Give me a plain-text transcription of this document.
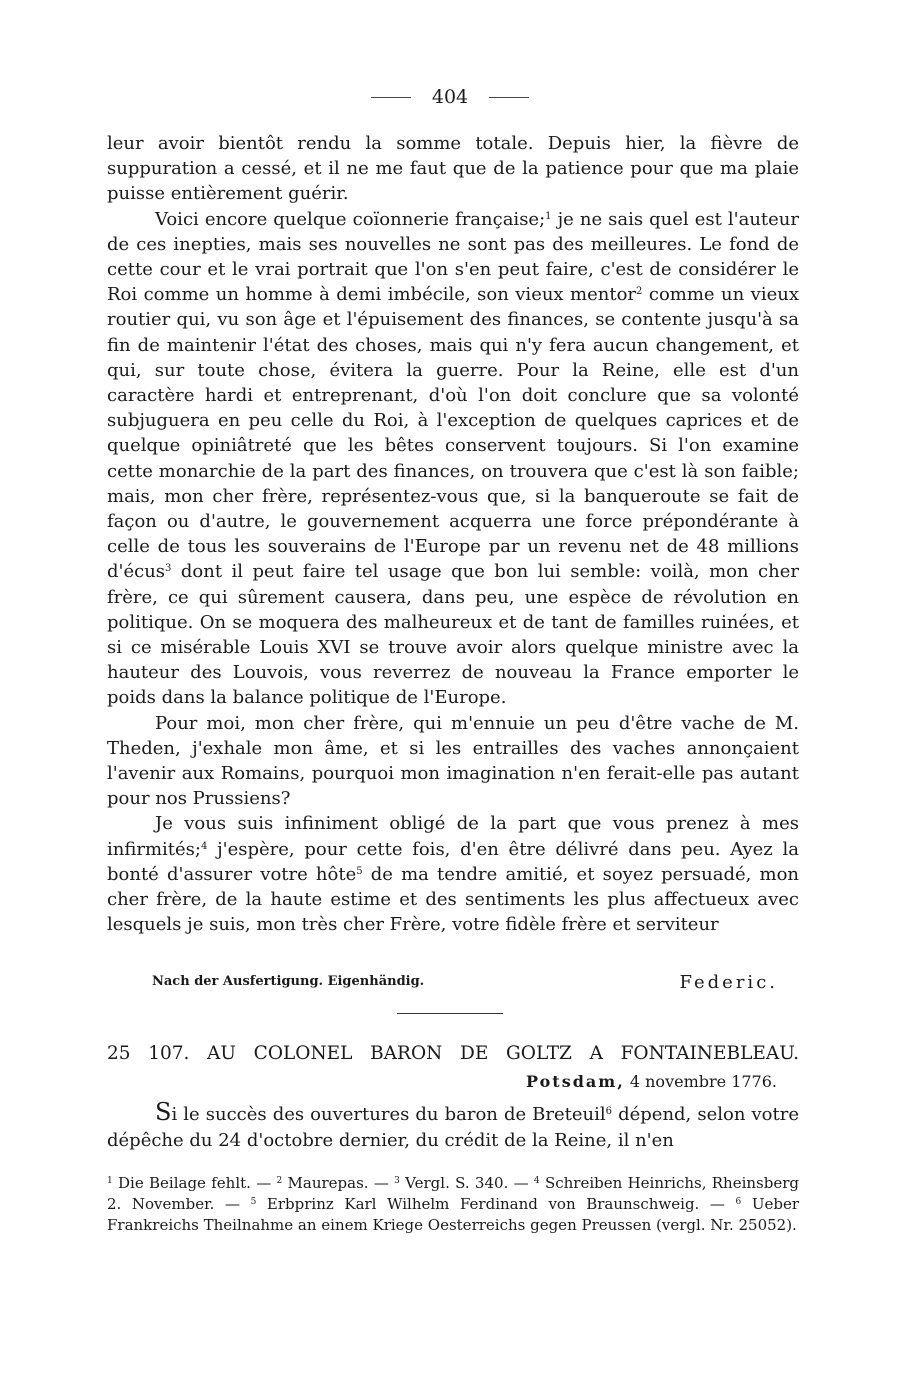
404

leur avoir bientôt rendu la somme totale. Depuis hier, la fièvre de suppuration a cessé, et il ne me faut que de la patience pour que ma plaie puisse entièrement guérir.

Voici encore quelque coïonnerie française;$^1$ je ne sais quel est l'auteur de ces inepties, mais ses nouvelles ne sont pas des meilleures. Le fond de cette cour et le vrai portrait que l'on s'en peut faire, c'est de considérer le Roi comme un homme à demi imbécile, son vieux mentor$^2$ comme un vieux routier qui, vu son âge et l'épuisement des finances, se contente jusqu'à sa fin de maintenir l'état des choses, mais qui n'y fera aucun changement, et qui, sur toute chose, évitera la guerre. Pour la Reine, elle est d'un caractère hardi et entreprenant, d'où l'on doit conclure que sa volonté subjuguera en peu celle du Roi, à l'exception de quelques caprices et de quelque opiniâtreté que les bêtes conservent toujours. Si l'on examine cette monarchie de la part des finances, on trouvera que c'est là son faible; mais, mon cher frère, représentez-vous que, si la banqueroute se fait de façon ou d'autre, le gouvernement acquerra une force prépondérante à celle de tous les souverains de l'Europe par un revenu net de 48 millions d'écus$^3$ dont il peut faire tel usage que bon lui semble: voilà, mon cher frère, ce qui sûrement causera, dans peu, une espèce de révolution en politique. On se moquera des malheureux et de tant de familles ruinées, et si ce misérable Louis XVI se trouve avoir alors quelque ministre avec la hauteur des Louvois, vous reverrez de nouveau la France emporter le poids dans la balance politique de l'Europe.

Pour moi, mon cher frère, qui m'ennuie un peu d'être vache de M. Theden, j'exhale mon âme, et si les entrailles des vaches annonçaient l'avenir aux Romains, pourquoi mon imagination n'en ferait-elle pas autant pour nos Prussiens?

Je vous suis infiniment obligé de la part que vous prenez à mes infirmités;$^4$ j'espère, pour cette fois, d'en être délivré dans peu. Ayez la bonté d'assurer votre hôte$^5$ de ma tendre amitié, et soyez persuadé, mon cher frère, de la haute estime et des sentiments les plus affectueux avec lesquels je suis, mon très cher Frère, votre fidèle frère et serviteur

Nach der Ausfertigung. Eigenhändig.	Federic.
25 107. AU COLONEL BARON DE GOLTZ A FONTAINEBLEAU.
Potsdam, 4 novembre 1776.

Si le succès des ouvertures du baron de Breteuil$^6$ dépend, selon votre dépêche du 24 d'octobre dernier, du crédit de la Reine, il n'en

$^1$ Die Beilage fehlt. — $^2$ Maurepas. — $^3$ Vergl. S. 340. — $^4$ Schreiben Heinrichs, Rheinsberg 2. November. — $^5$ Erbprinz Karl Wilhelm Ferdinand von Braunschweig. — $^6$ Ueber Frankreichs Theilnahme an einem Kriege Oesterreichs gegen Preussen (vergl. Nr. 25052).
